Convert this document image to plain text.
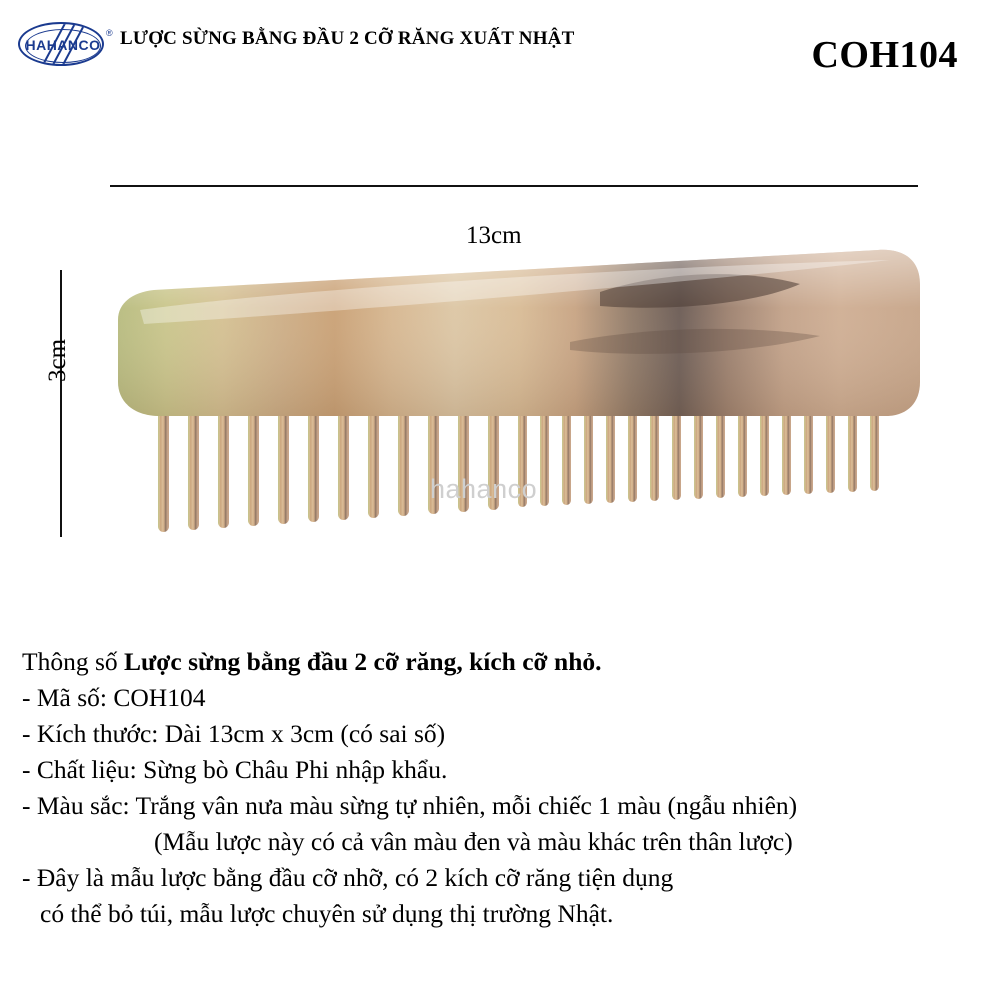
HAHANCO
® LƯỢC SỪNG BẰNG ĐẦU 2 CỠ RĂNG XUẤT NHẬT	COH104
13cm
3cm
hahanco
Thông số Lược sừng bằng đầu 2 cỡ răng, kích cỡ nhỏ.
- Mã số: COH104
- Kích thước: Dài 13cm x 3cm (có sai số)
- Chất liệu: Sừng bò Châu Phi nhập khẩu.
- Màu sắc: Trắng vân nưa màu sừng tự nhiên, mỗi chiếc 1 màu (ngẫu nhiên)
(Mẫu lược này có cả vân màu đen và màu khác trên thân lược)
- Đây là mẫu lược bằng đầu cỡ nhỡ, có 2 kích cỡ răng tiện dụng
có thể bỏ túi, mẫu lược chuyên sử dụng thị trường Nhật.
